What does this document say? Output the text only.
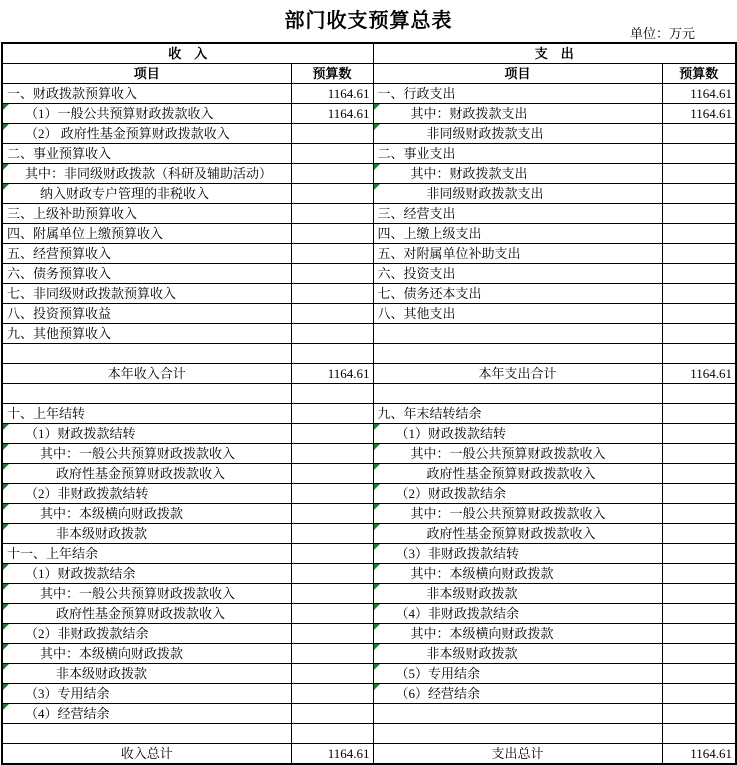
部门收支预算总表
单位：万元
收　入		支　出	
项目	预算数	项目	预算数
一、财政拨款预算收入	1164.61	一、行政支出	1164.61

（1）一般公共预算财政拨款收入	1164.61	其中：财政拨款支出	1164.61

（2） 政府性基金预算财政拨款收入		非同级财政拨款支出	
二、事业预算收入		二、事业支出	

其中：非同级财政拨款（科研及辅助活动）		其中：财政拨款支出	

纳入财政专户管理的非税收入		非同级财政拨款支出	
三、上级补助预算收入		三、经营支出	
四、附属单位上缴预算收入		四、上缴上级支出	
五、经营预算收入		五、对附属单位补助支出	
六、债务预算收入		六、投资支出	
七、非同级财政拨款预算收入		七、债务还本支出	
八、投资预算收益		八、其他支出	
九、其他预算收入			

本年收入合计	1164.61	本年支出合计	1164.61

十、上年结转		九、年末结转结余	

（1）财政拨款结转		（1）财政拨款结转	

其中：一般公共预算财政拨款收入		其中：一般公共预算财政拨款收入	

政府性基金预算财政拨款收入		政府性基金预算财政拨款收入	

（2）非财政拨款结转		（2）财政拨款结余	

其中：本级横向财政拨款		其中：一般公共预算财政拨款收入	

非本级财政拨款		政府性基金预算财政拨款收入	
十一、上年结余		（3）非财政拨款结转	

（1）财政拨款结余		其中：本级横向财政拨款	

其中：一般公共预算财政拨款收入		非本级财政拨款	

政府性基金预算财政拨款收入		（4）非财政拨款结余	

（2）非财政拨款结余		其中：本级横向财政拨款	

其中：本级横向财政拨款		非本级财政拨款	

非本级财政拨款		（5）专用结余	

（3）专用结余		（6）经营结余	

（4）经营结余			

收入总计	1164.61	支出总计	1164.61
